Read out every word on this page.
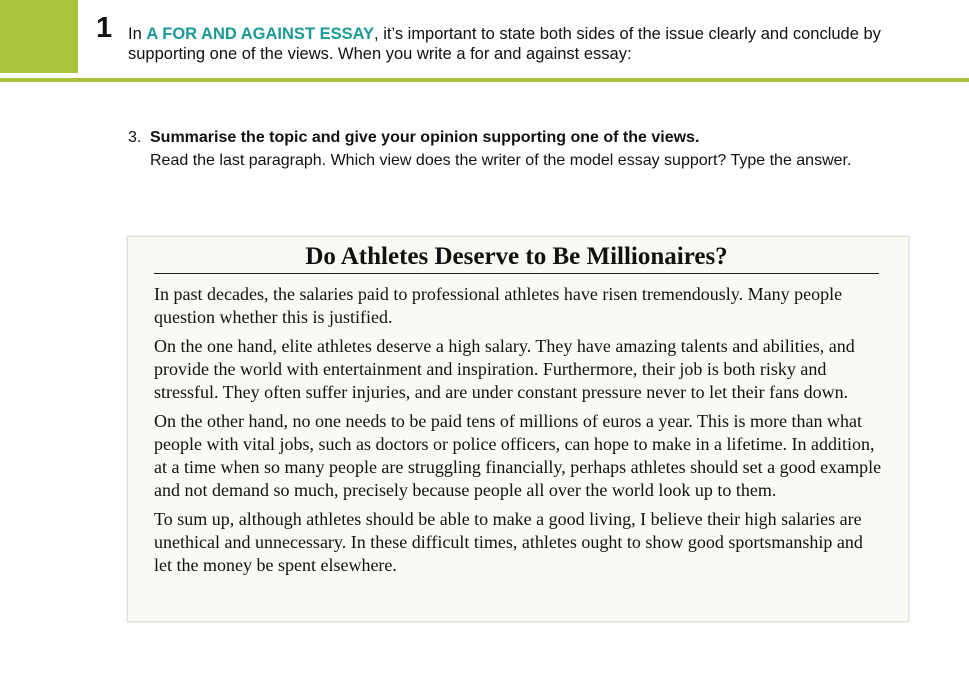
1 In A FOR AND AGAINST ESSAY, it’s important to state both sides of the issue clearly and conclude by supporting one of the views. When you write a for and against essay:
3. Summarise the topic and give your opinion supporting one of the views.
Read the last paragraph. Which view does the writer of the model essay support? Type the answer.
Do Athletes Deserve to Be Millionaires?

In past decades, the salaries paid to professional athletes have risen tremendously. Many people question whether this is justified.

On the one hand, elite athletes deserve a high salary. They have amazing talents and abilities, and provide the world with entertainment and inspiration. Furthermore, their job is both risky and stressful. They often suffer injuries, and are under constant pressure never to let their fans down.

On the other hand, no one needs to be paid tens of millions of euros a year. This is more than what people with vital jobs, such as doctors or police officers, can hope to make in a lifetime. In addition, at a time when so many people are struggling financially, perhaps athletes should set a good example and not demand so much, precisely because people all over the world look up to them.

To sum up, although athletes should be able to make a good living, I believe their high salaries are unethical and unnecessary. In these difficult times, athletes ought to show good sportsmanship and let the money be spent elsewhere.
